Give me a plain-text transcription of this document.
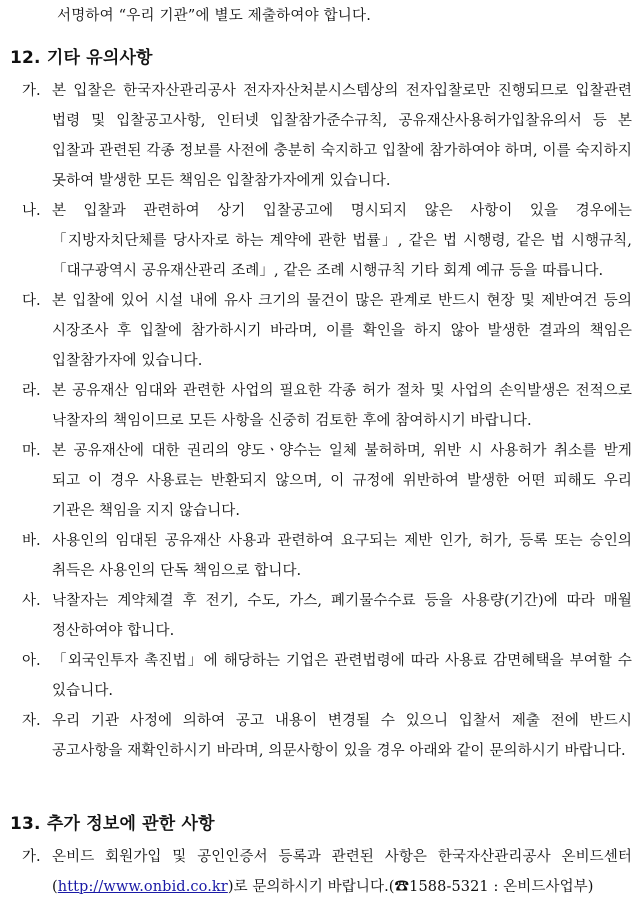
서명하여 “우리 기관”에 별도 제출하여야 합니다.
12. 기타 유의사항
가. 본 입찰은 한국자산관리공사 전자자산처분시스템상의 전자입찰로만 진행되므로 입찰관련 법령 및 입찰공고사항, 인터넷 입찰참가준수규칙, 공유재산사용허가입찰유의서 등 본 입찰과 관련된 각종 정보를 사전에 충분히 숙지하고 입찰에 참가하여야 하며, 이를 숙지하지 못하여 발생한 모든 책임은 입찰참가자에게 있습니다.
나. 본 입찰과 관련하여 상기 입찰공고에 명시되지 않은 사항이 있을 경우에는 「지방자치단체를 당사자로 하는 계약에 관한 법률」, 같은 법 시행령, 같은 법 시행규칙,「대구광역시 공유재산관리 조례」, 같은 조례 시행규칙 기타 회계 예규 등을 따릅니다.
다. 본 입찰에 있어 시설 내에 유사 크기의 물건이 많은 관계로 반드시 현장 및 제반여건 등의 시장조사 후 입찰에 참가하시기 바라며, 이를 확인을 하지 않아 발생한 결과의 책임은 입찰참가자에 있습니다.
라. 본 공유재산 임대와 관련한 사업의 필요한 각종 허가 절차 및 사업의 손익발생은 전적으로 낙찰자의 책임이므로 모든 사항을 신중히 검토한 후에 참여하시기 바랍니다.
마. 본 공유재산에 대한 권리의 양도ㆍ양수는 일체 불허하며, 위반 시 사용허가 취소를 받게 되고 이 경우 사용료는 반환되지 않으며, 이 규정에 위반하여 발생한 어떤 피해도 우리 기관은 책임을 지지 않습니다.
바. 사용인의 임대된 공유재산 사용과 관련하여 요구되는 제반 인가, 허가, 등록 또는 승인의 취득은 사용인의 단독 책임으로 합니다.
사. 낙찰자는 계약체결 후 전기, 수도, 가스, 폐기물수수료 등을 사용량(기간)에 따라 매월 정산하여야 합니다.
아. 「외국인투자 촉진법」에 해당하는 기업은 관련법령에 따라 사용료 감면혜택을 부여할 수 있습니다.
자. 우리 기관 사정에 의하여 공고 내용이 변경될 수 있으니 입찰서 제출 전에 반드시 공고사항을 재확인하시기 바라며, 의문사항이 있을 경우 아래와 같이 문의하시기 바랍니다.
13. 추가 정보에 관한 사항
가. 온비드 회원가입 및 공인인증서 등록과 관련된 사항은 한국자산관리공사 온비드센터 (http://www.onbid.co.kr)로 문의하시기 바랍니다.(☎1588-5321 : 온비드사업부)
